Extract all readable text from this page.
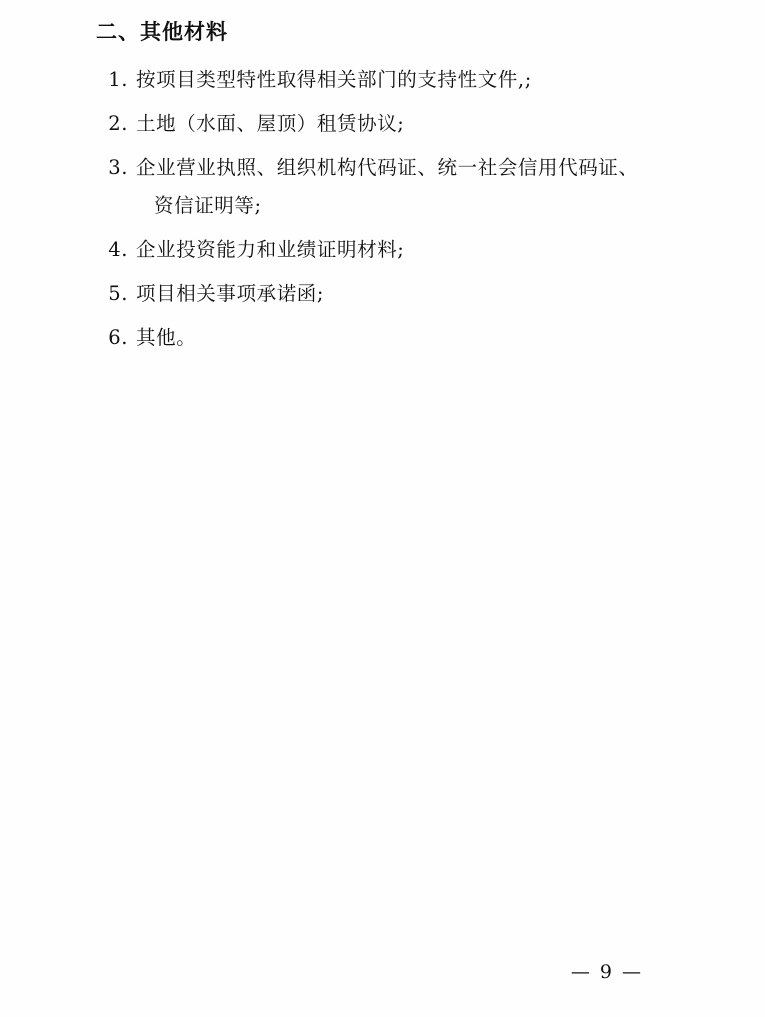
二、其他材料
1. 按项目类型特性取得相关部门的支持性文件,;
2. 土地（水面、屋顶）租赁协议;
3. 企业营业执照、组织机构代码证、统一社会信用代码证、
资信证明等;
4. 企业投资能力和业绩证明材料;
5. 项目相关事项承诺函;
6. 其他。
— 9 —
